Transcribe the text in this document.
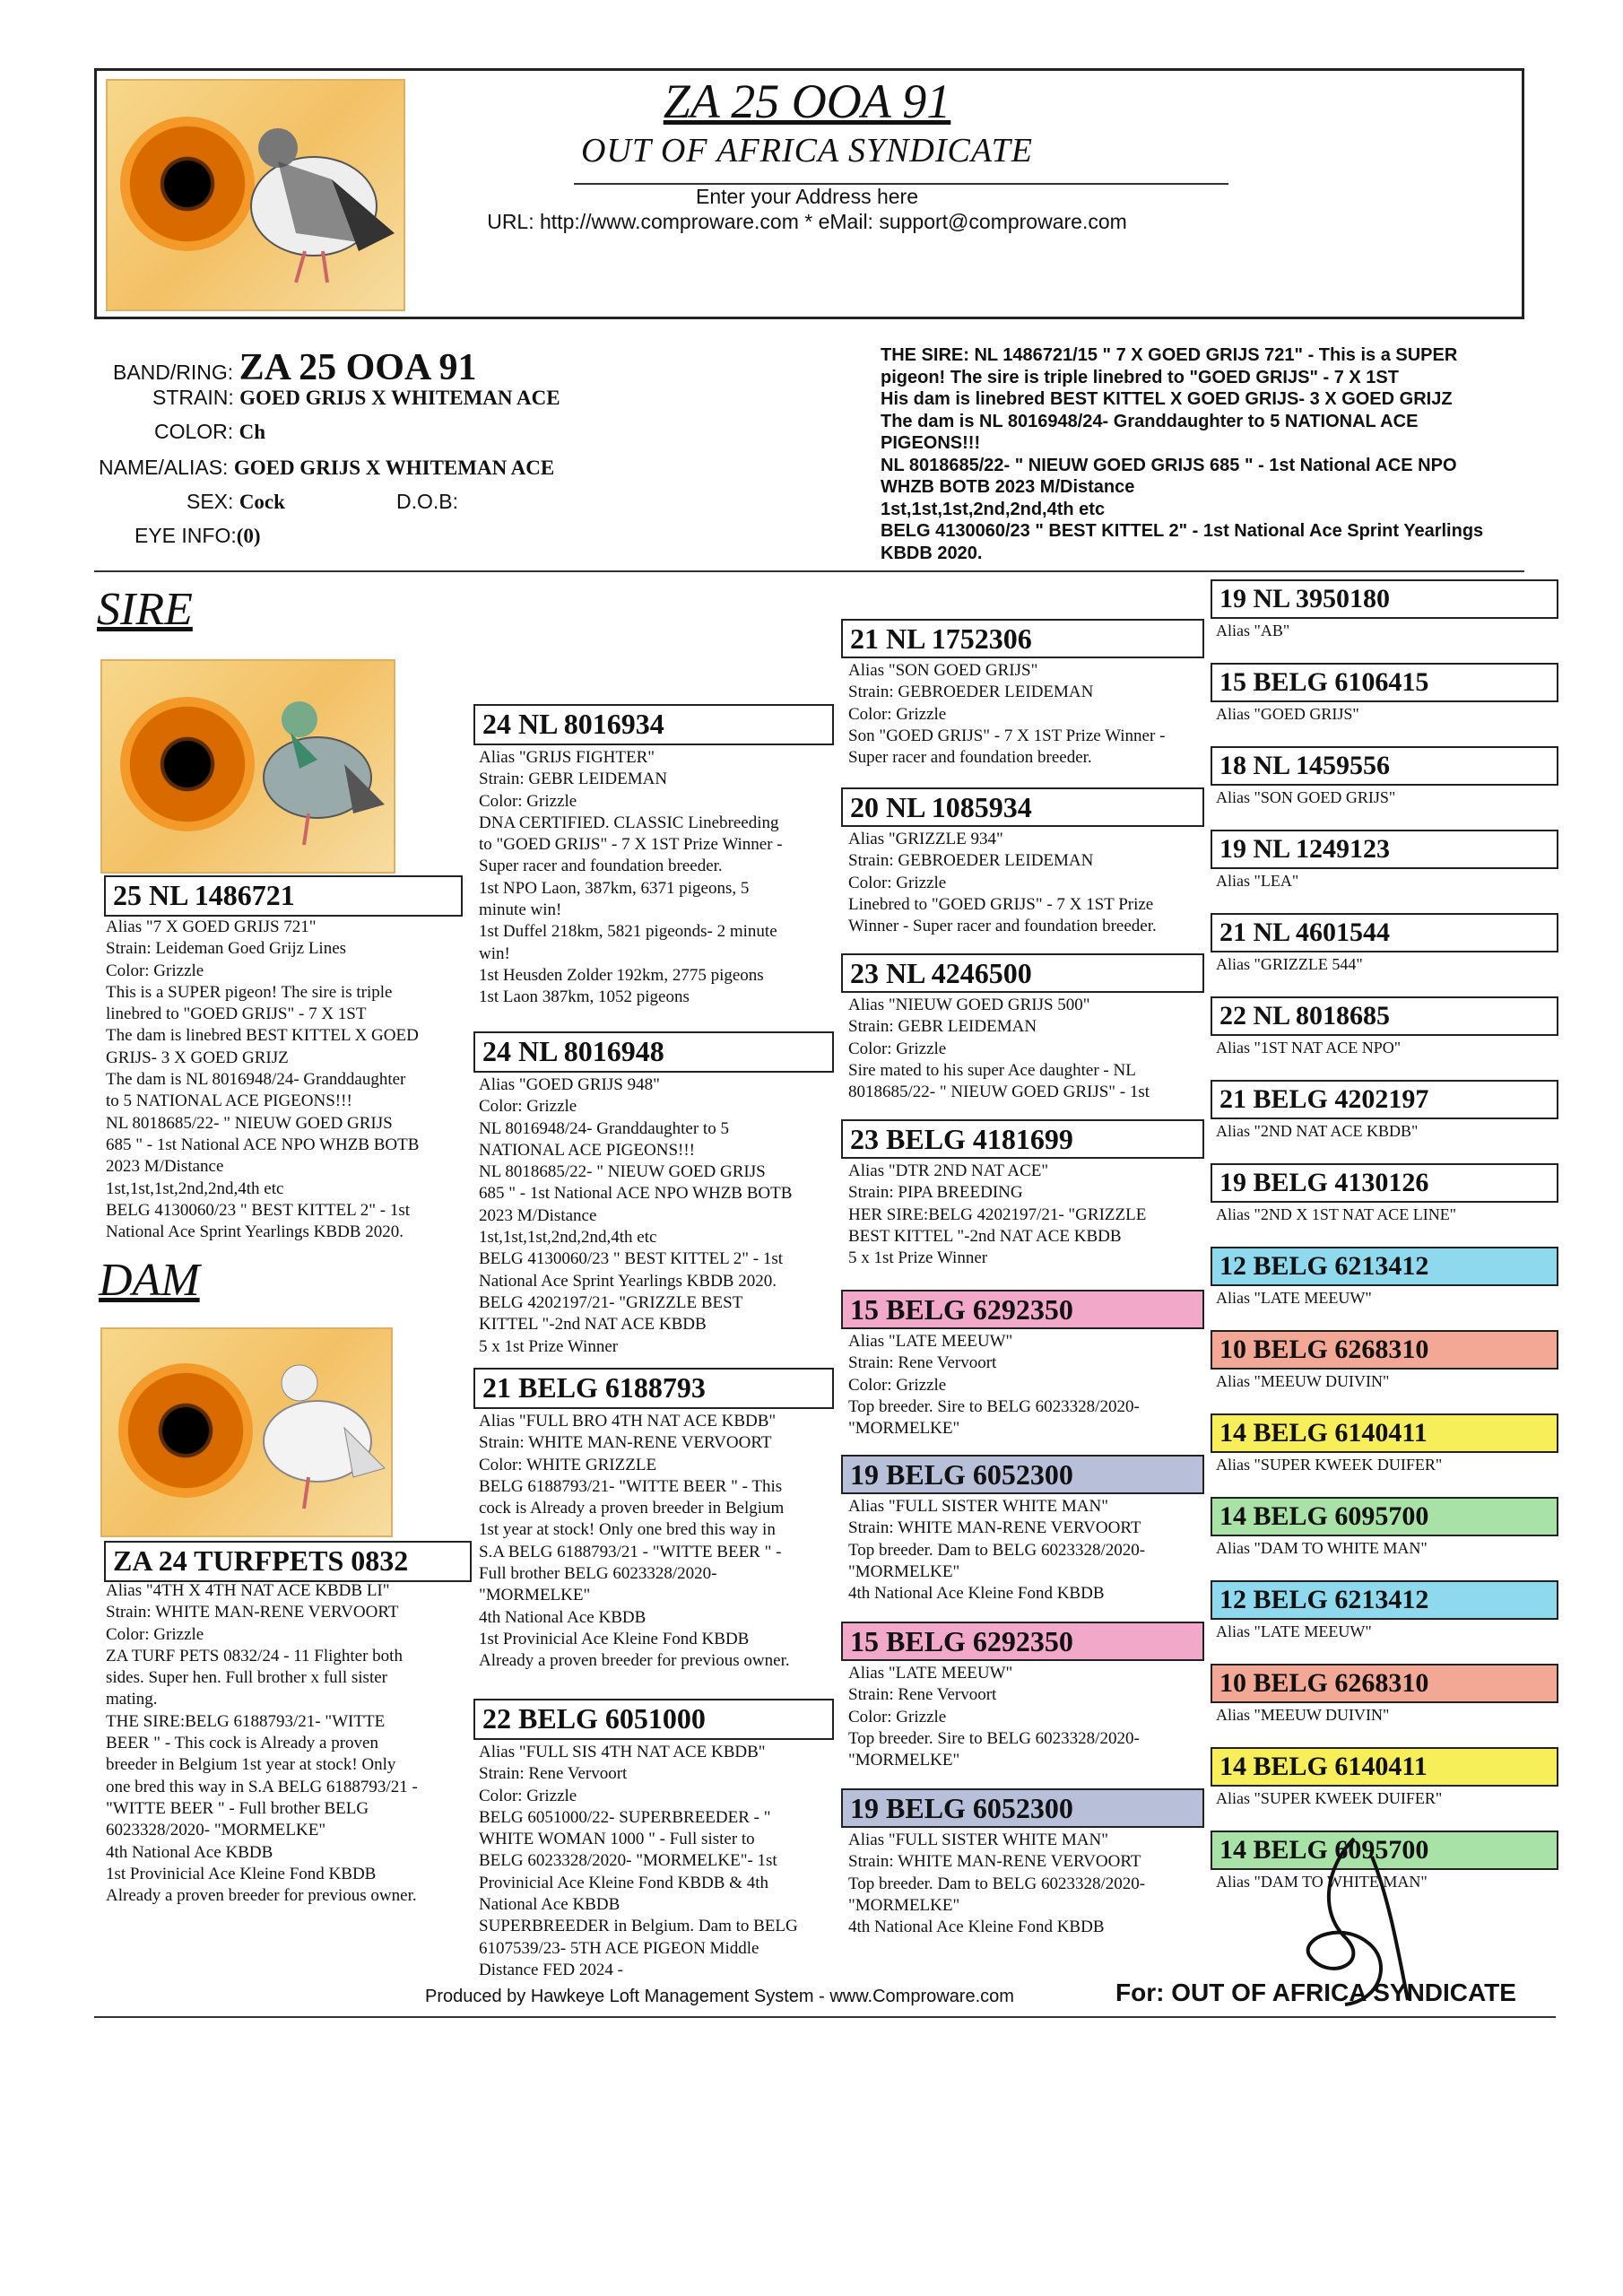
ZA 25 OOA 91
OUT OF AFRICA SYNDICATE
Enter your Address here
URL: http://www.comproware.com * eMail: support@comproware.com
BAND/RING: ZA 25 OOA 91
STRAIN: GOED GRIJS X WHITEMAN ACE
COLOR: Ch
NAME/ALIAS: GOED GRIJS X WHITEMAN ACE
SEX: Cock	D.O.B:
EYE INFO:(0)
THE SIRE: NL 1486721/15 " 7 X GOED GRIJS 721" - This is a SUPER
pigeon! The sire is triple linebred to "GOED GRIJS" - 7 X 1ST
His dam is linebred BEST KITTEL X GOED GRIJS- 3 X GOED GRIJZ
The dam is NL 8016948/24- Granddaughter to 5 NATIONAL ACE
PIGEONS!!!
NL 8018685/22- " NIEUW GOED GRIJS 685 " - 1st National ACE NPO
WHZB BOTB 2023 M/Distance
1st,1st,1st,2nd,2nd,4th etc
BELG 4130060/23 " BEST KITTEL 2" - 1st National Ace Sprint Yearlings
KBDB 2020.
SIRE
25 NL 1486721
Alias "7 X GOED GRIJS 721"
Strain: Leideman Goed Grijz Lines
Color: Grizzle
This is a SUPER pigeon! The sire is triple
linebred to "GOED GRIJS" - 7 X 1ST
The dam is linebred BEST KITTEL X GOED
GRIJS- 3 X GOED GRIJZ
The dam is NL 8016948/24- Granddaughter
to 5 NATIONAL ACE PIGEONS!!!
NL 8018685/22- " NIEUW GOED GRIJS
685 " - 1st National ACE NPO WHZB BOTB
2023 M/Distance
1st,1st,1st,2nd,2nd,4th etc
BELG 4130060/23 " BEST KITTEL 2" - 1st
National Ace Sprint Yearlings KBDB 2020.
DAM
ZA 24 TURFPETS 0832
Alias "4TH X 4TH NAT ACE KBDB LI"
Strain: WHITE MAN-RENE VERVOORT
Color: Grizzle
ZA TURF PETS 0832/24 - 11 Flighter both
sides. Super hen. Full brother x full sister
mating.
THE SIRE:BELG 6188793/21- "WITTE
BEER " - This cock is Already a proven
breeder in Belgium 1st year at stock! Only
one bred this way in S.A BELG 6188793/21 -
"WITTE BEER " - Full brother BELG
6023328/2020- "MORMELKE"
4th National Ace KBDB
1st Provinicial Ace Kleine Fond KBDB
Already a proven breeder for previous owner.
24 NL 8016934
Alias "GRIJS FIGHTER"
Strain: GEBR LEIDEMAN
Color: Grizzle
DNA CERTIFIED. CLASSIC Linebreeding
to "GOED GRIJS" - 7 X 1ST Prize Winner -
Super racer and foundation breeder.
1st NPO Laon, 387km, 6371 pigeons, 5
minute win!
1st Duffel 218km, 5821 pigeonds- 2 minute
win!
1st Heusden Zolder 192km, 2775 pigeons
1st Laon 387km, 1052 pigeons
24 NL 8016948
Alias "GOED GRIJS 948"
Color: Grizzle
NL 8016948/24- Granddaughter to 5
NATIONAL ACE PIGEONS!!!
NL 8018685/22- " NIEUW GOED GRIJS
685 " - 1st National ACE NPO WHZB BOTB
2023 M/Distance
1st,1st,1st,2nd,2nd,4th etc
BELG 4130060/23 " BEST KITTEL 2" - 1st
National Ace Sprint Yearlings KBDB 2020.
BELG 4202197/21- "GRIZZLE BEST
KITTEL "-2nd NAT ACE KBDB
5 x 1st Prize Winner
21 BELG 6188793
Alias "FULL BRO 4TH NAT ACE KBDB"
Strain: WHITE MAN-RENE VERVOORT
Color: WHITE GRIZZLE
BELG 6188793/21- "WITTE BEER " - This
cock is Already a proven breeder in Belgium
1st year at stock! Only one bred this way in
S.A BELG 6188793/21 - "WITTE BEER " -
Full brother BELG 6023328/2020-
"MORMELKE"
4th National Ace KBDB
1st Provinicial Ace Kleine Fond KBDB
Already a proven breeder for previous owner.
22 BELG 6051000
Alias "FULL SIS 4TH NAT ACE KBDB"
Strain: Rene Vervoort
Color: Grizzle
BELG 6051000/22- SUPERBREEDER - "
WHITE WOMAN 1000 " - Full sister to
BELG 6023328/2020- "MORMELKE"- 1st
Provinicial Ace Kleine Fond KBDB & 4th
National Ace KBDB
SUPERBREEDER in Belgium. Dam to BELG
6107539/23- 5TH ACE PIGEON Middle
Distance FED 2024 -
21 NL 1752306
Alias "SON GOED GRIJS"
Strain: GEBROEDER LEIDEMAN
Color: Grizzle
Son "GOED GRIJS" - 7 X 1ST Prize Winner -
Super racer and foundation breeder.
20 NL 1085934
Alias "GRIZZLE 934"
Strain: GEBROEDER LEIDEMAN
Color: Grizzle
Linebred to "GOED GRIJS" - 7 X 1ST Prize
Winner - Super racer and foundation breeder.
23 NL 4246500
Alias "NIEUW GOED GRIJS 500"
Strain: GEBR LEIDEMAN
Color: Grizzle
Sire mated to his super Ace daughter - NL
8018685/22- " NIEUW GOED GRIJS" - 1st
23 BELG 4181699
Alias "DTR 2ND NAT ACE"
Strain: PIPA BREEDING
HER SIRE:BELG 4202197/21- "GRIZZLE
BEST KITTEL "-2nd NAT ACE KBDB
5 x 1st Prize Winner
15 BELG 6292350
Alias "LATE MEEUW"
Strain: Rene Vervoort
Color: Grizzle
Top breeder. Sire to BELG 6023328/2020-
"MORMELKE"
19 BELG 6052300
Alias "FULL SISTER WHITE MAN"
Strain: WHITE MAN-RENE VERVOORT
Top breeder. Dam to BELG 6023328/2020-
"MORMELKE"
4th National Ace Kleine Fond KBDB
15 BELG 6292350
Alias "LATE MEEUW"
Strain: Rene Vervoort
Color: Grizzle
Top breeder. Sire to BELG 6023328/2020-
"MORMELKE"
19 BELG 6052300
Alias "FULL SISTER WHITE MAN"
Strain: WHITE MAN-RENE VERVOORT
Top breeder. Dam to BELG 6023328/2020-
"MORMELKE"
4th National Ace Kleine Fond KBDB
19 NL 3950180
Alias "AB"
15 BELG 6106415
Alias "GOED GRIJS"
18 NL 1459556
Alias "SON GOED GRIJS"
19 NL 1249123
Alias "LEA"
21 NL 4601544
Alias "GRIZZLE 544"
22 NL 8018685
Alias "1ST NAT ACE NPO"
21 BELG 4202197
Alias "2ND NAT ACE KBDB"
19 BELG 4130126
Alias "2ND X 1ST NAT ACE LINE"
12 BELG 6213412
Alias "LATE MEEUW"
10 BELG 6268310
Alias "MEEUW DUIVIN"
14 BELG 6140411
Alias "SUPER KWEEK DUIFER"
14 BELG 6095700
Alias "DAM TO WHITE MAN"
12 BELG 6213412
Alias "LATE MEEUW"
10 BELG 6268310
Alias "MEEUW DUIVIN"
14 BELG 6140411
Alias "SUPER KWEEK DUIFER"
14 BELG 6095700
Alias "DAM TO WHITE MAN"
Produced by Hawkeye Loft Management System - www.Comproware.com	For: OUT OF AFRICA SYNDICATE
